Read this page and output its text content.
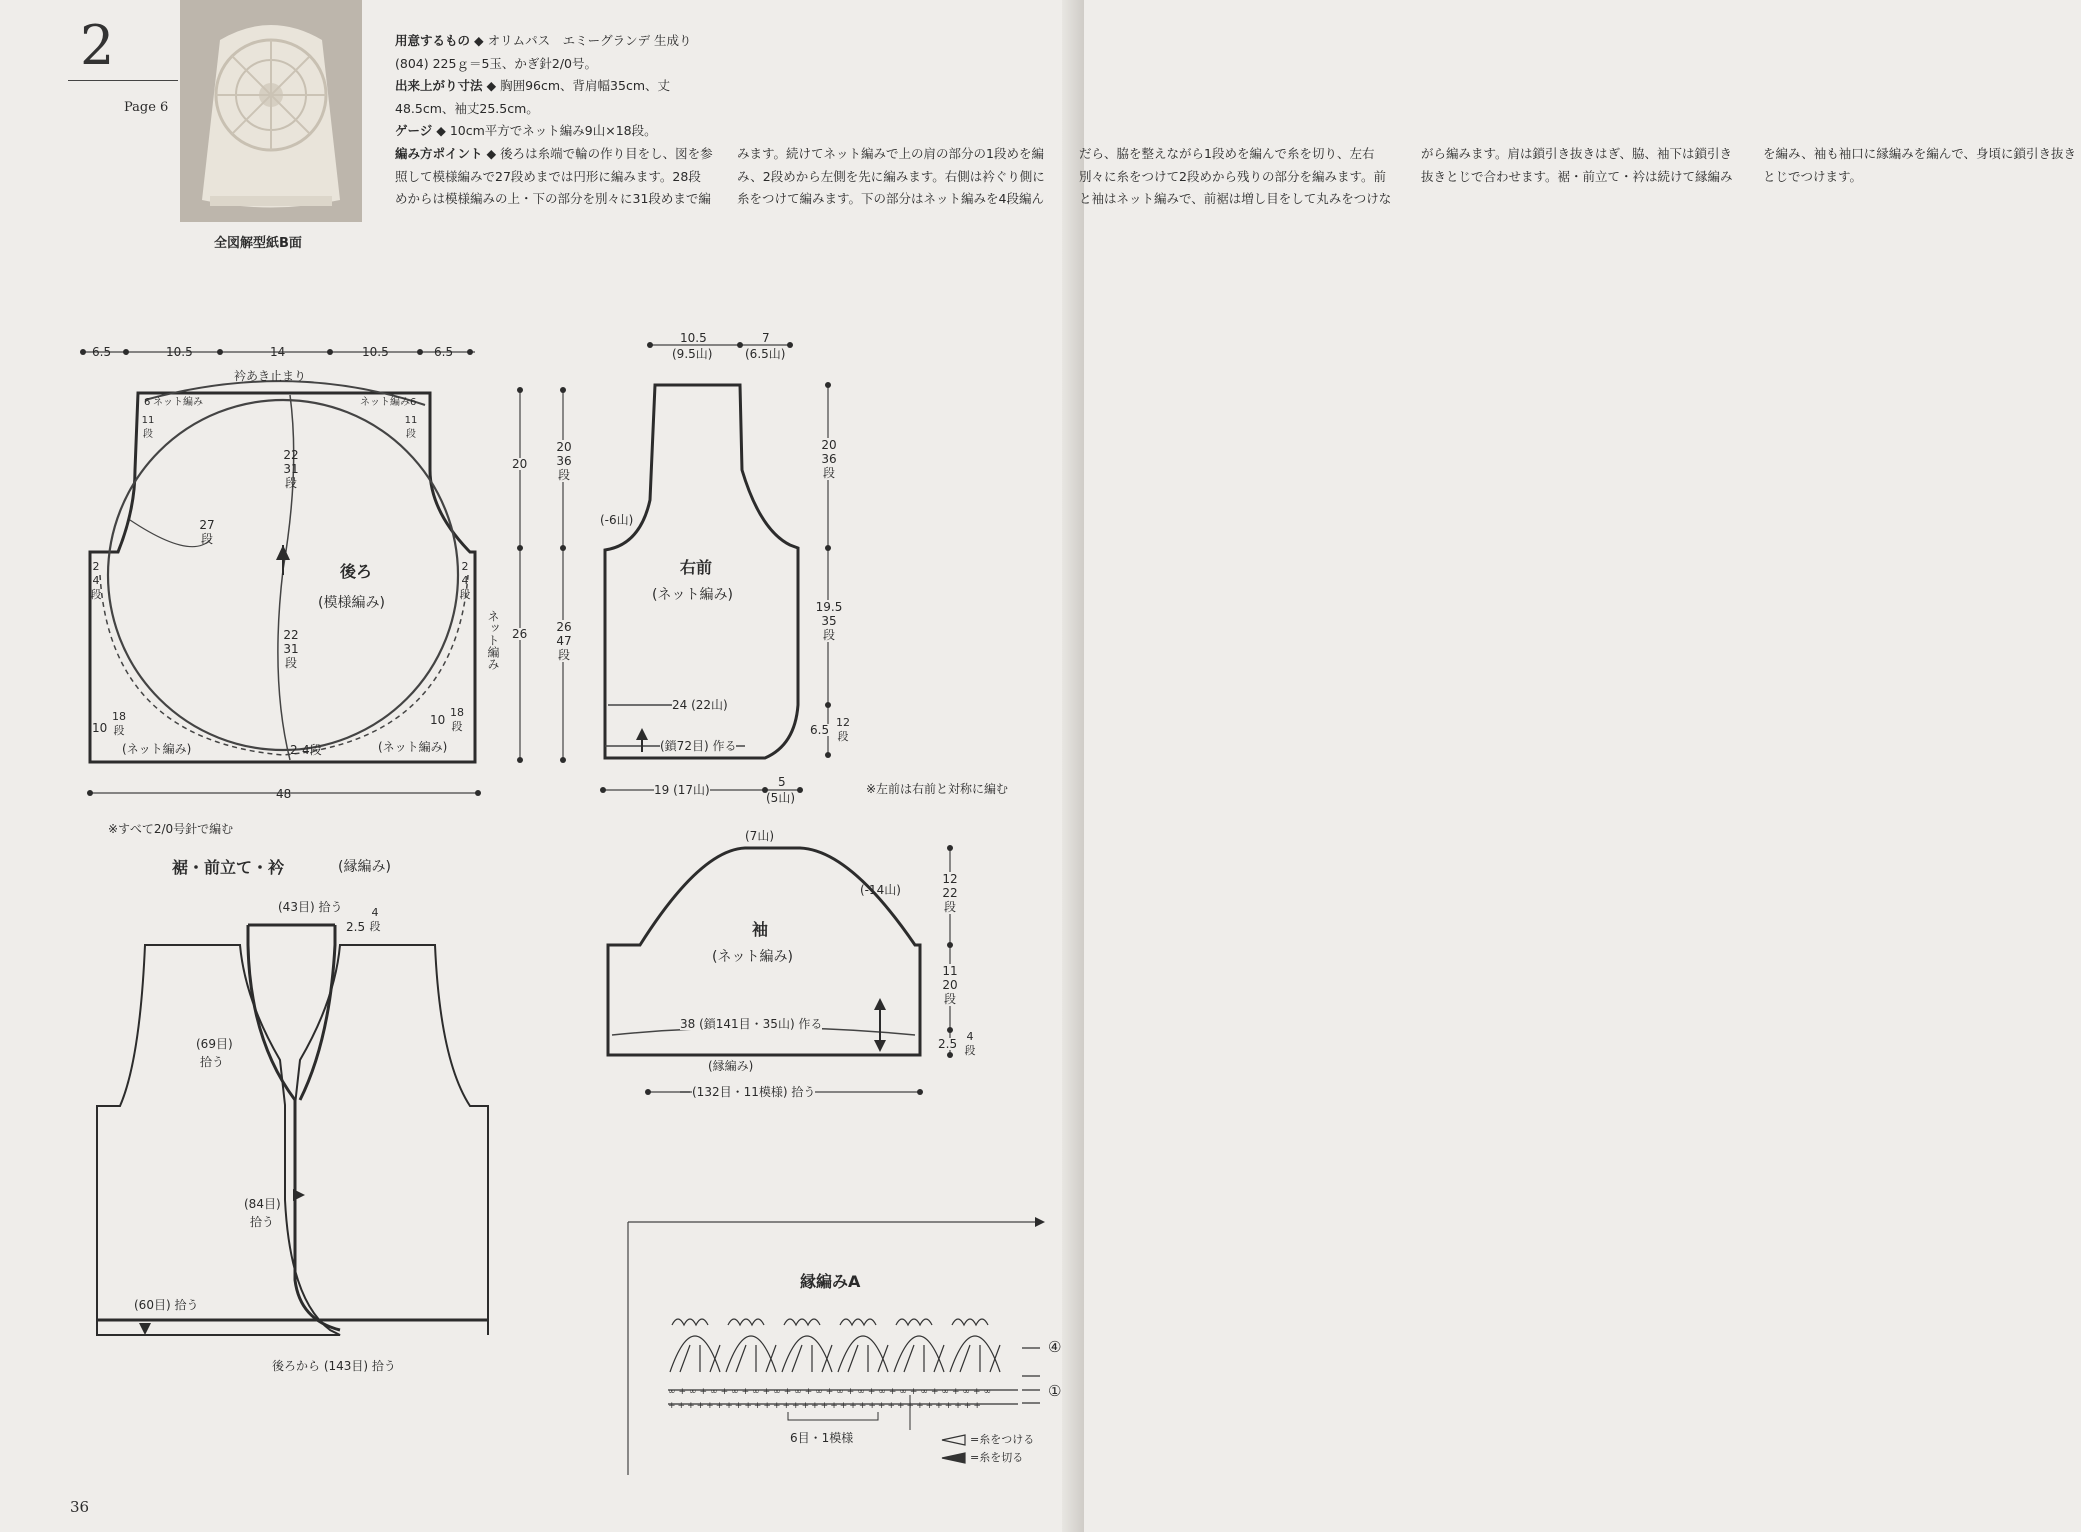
2
Page 6
全図解型紙B面

用意するもの ◆ オリムパス　エミーグランデ 生成り(804) 225ｇ＝5玉、かぎ針2/0号。

出来上がり寸法 ◆ 胸囲96cm、背肩幅35cm、丈48.5cm、袖丈25.5cm。

ゲージ ◆ 10cm平方でネット編み9山×18段。

編み方ポイント ◆ 後ろは糸端で輪の作り目をし、図を参照して模様編みで27段めまでは円形に編みます。28段めからは模様編みの上・下の部分を別々に31段めまで編みます。続けてネット編みで上の肩の部分の1段めを編み、2段めから左側を先に編みます。右側は衿ぐり側に糸をつけて編みます。下の部分はネット編みを4段編んだら、脇を整えながら1段めを編んで糸を切り、左右別々に糸をつけて2段めから残りの部分を編みます。前と袖はネット編みで、前裾は増し目をして丸みをつけながら編みます。肩は鎖引き抜きはぎ、脇、袖下は鎖引き抜きとじで合わせます。裾・前立て・衿は続けて縁編みを編み、袖も袖口に縁編みを編んで、身頃に鎖引き抜きとじでつけます。

+++++++++++++++++++++++++++++++++
∞+∞+∞+∞+∞+∞+∞+∞+∞+∞+∞+∞+∞+∞+∞+∞
6.5	10.5	14	10.5	6.5
衿あき止まり
6 ネット編み	ネット編み 6
11
段
11
段
22
31
段
27
段
22
31
段
後ろ
(模様編み)
2
4
段
2
4
段
ネット編み
10
18
段
10
18
段
(ネット編み)	(ネット編み)
2 4段
48
※すべて2/0号針で編む
20
20
36
段
26 26
47
段
10.5
(9.5山)
7
(6.5山)
(-6山)
右前
(ネット編み)
20
36
段
19.5
35
段
6.5
12
段
24 (22山)
(鎖72目) 作る
19 (17山)
5
(5山)
※左前は右前と対称に編む
(7山)
(-14山)
袖
(ネット編み)
38 (鎖141目・35山) 作る
(縁編み)
(132目・11模様) 拾う
12
22
段
11
20
段
2.5
4
段
裾・前立て・衿	(縁編み)
(43目) 拾う
2.5
4
段
(69目)
拾う
(84目)
拾う
(60目) 拾う
後ろから (143目) 拾う
縁編みA
6目・1模様
④
①
=糸をつける
=糸を切る
36
